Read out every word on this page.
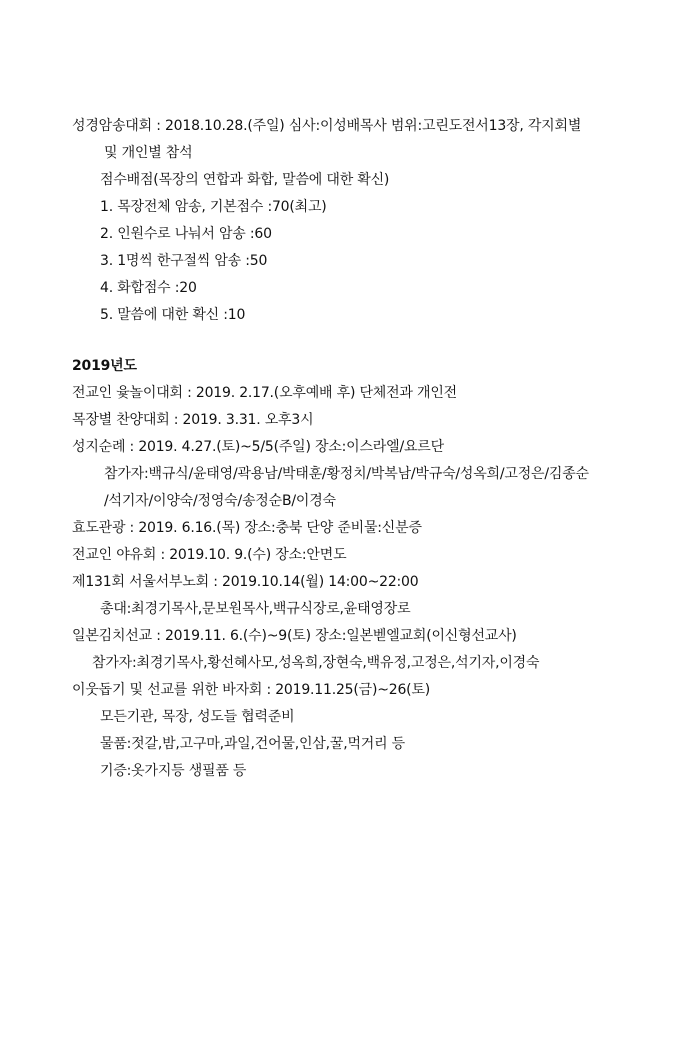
성경암송대회 : 2018.10.28.(주일) 심사:이성배목사 범위:고린도전서13장, 각지회별
및 개인별 참석
점수배점(목장의 연합과 화합, 말씀에 대한 확신)
1. 목장전체 암송, 기본점수 :70(최고)
2. 인원수로 나눠서 암송 :60
3. 1명씩 한구절씩 암송 :50
4. 화합점수 :20
5. 말씀에 대한 확신 :10
2019년도
전교인 윷놀이대회 : 2019. 2.17.(오후예배 후) 단체전과 개인전
목장별 찬양대회 : 2019. 3.31. 오후3시
성지순례 : 2019. 4.27.(토)~5/5(주일) 장소:이스라엘/요르단
참가자:백규식/윤태영/곽용남/박태훈/황정치/박복남/박규숙/성옥희/고정은/김종순
/석기자/이양숙/정영숙/송정순B/이경숙
효도관광 : 2019. 6.16.(목) 장소:충북 단양 준비물:신분증
전교인 야유회 : 2019.10. 9.(수) 장소:안면도
제131회 서울서부노회 : 2019.10.14(월) 14:00~22:00
총대:최경기목사,문보원목사,백규식장로,윤태영장로
일본김치선교 : 2019.11. 6.(수)~9(토) 장소:일본벧엘교회(이신형선교사)
참가자:최경기목사,황선혜사모,성옥희,장현숙,백유정,고정은,석기자,이경숙
이웃돕기 및 선교를 위한 바자회 : 2019.11.25(금)~26(토)
모든기관, 목장, 성도들 협력준비
물품:젓갈,밤,고구마,과일,건어물,인삼,꿀,먹거리 등
기증:옷가지등 생필품 등
